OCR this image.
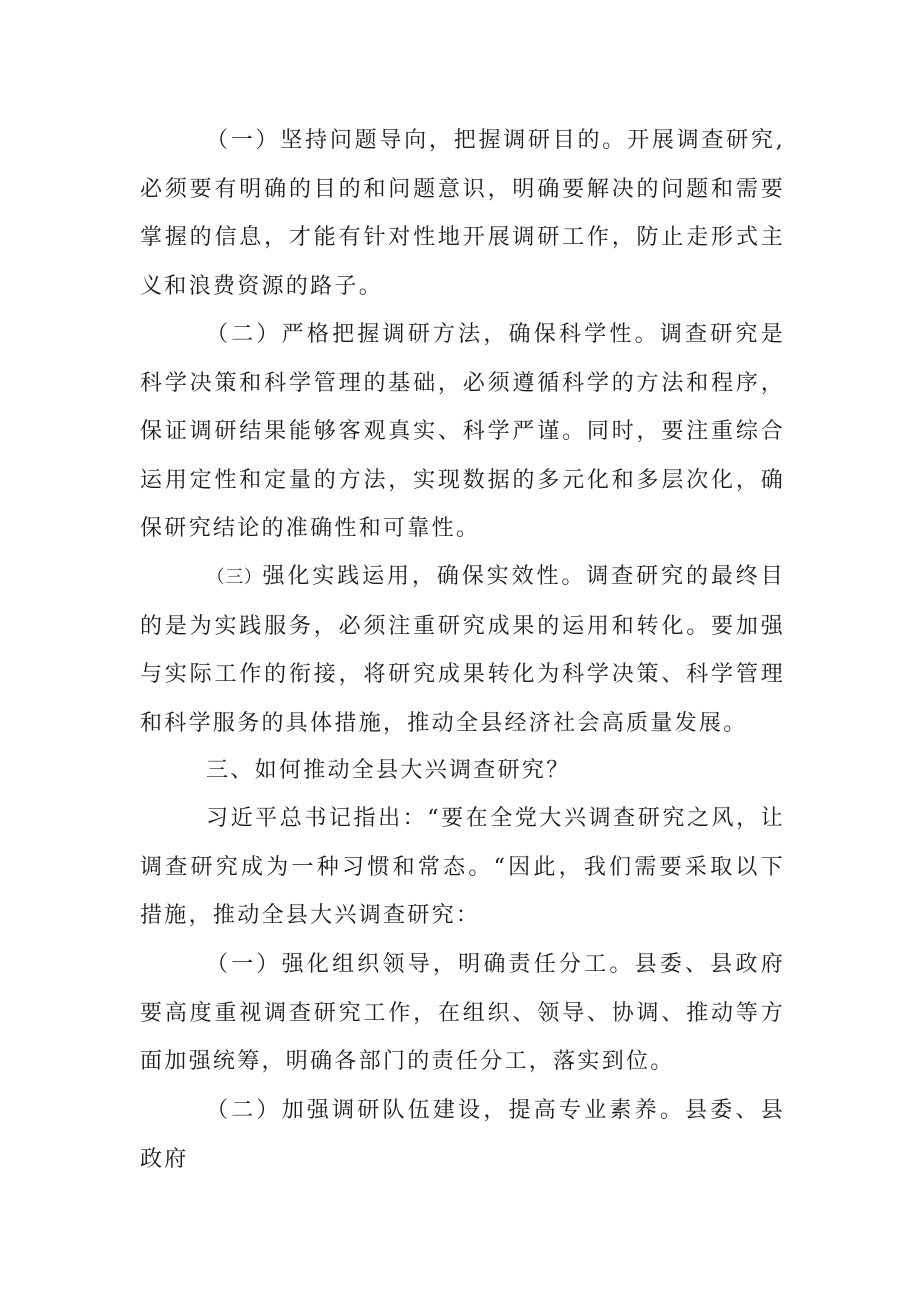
（一）坚持问题导向，把握调研目的。开展调查研究,必须要有明确的目的和问题意识，明确要解决的问题和需要掌握的信息，才能有针对性地开展调研工作，防止走形式主义和浪费资源的路子。

（二）严格把握调研方法，确保科学性。调查研究是科学决策和科学管理的基础，必须遵循科学的方法和程序，保证调研结果能够客观真实、科学严谨。同时，要注重综合运用定性和定量的方法，实现数据的多元化和多层次化，确保研究结论的准确性和可靠性。

（三）强化实践运用，确保实效性。调查研究的最终目的是为实践服务，必须注重研究成果的运用和转化。要加强与实际工作的衔接，将研究成果转化为科学决策、科学管理和科学服务的具体措施，推动全县经济社会高质量发展。

三、如何推动全县大兴调查研究？

习近平总书记指出：“要在全党大兴调查研究之风，让调查研究成为一种习惯和常态。“因此，我们需要采取以下措施，推动全县大兴调查研究：

（一）强化组织领导，明确责任分工。县委、县政府要高度重视调查研究工作，在组织、领导、协调、推动等方面加强统筹，明确各部门的责任分工，落实到位。

（二）加强调研队伍建设，提高专业素养。县委、县政府
